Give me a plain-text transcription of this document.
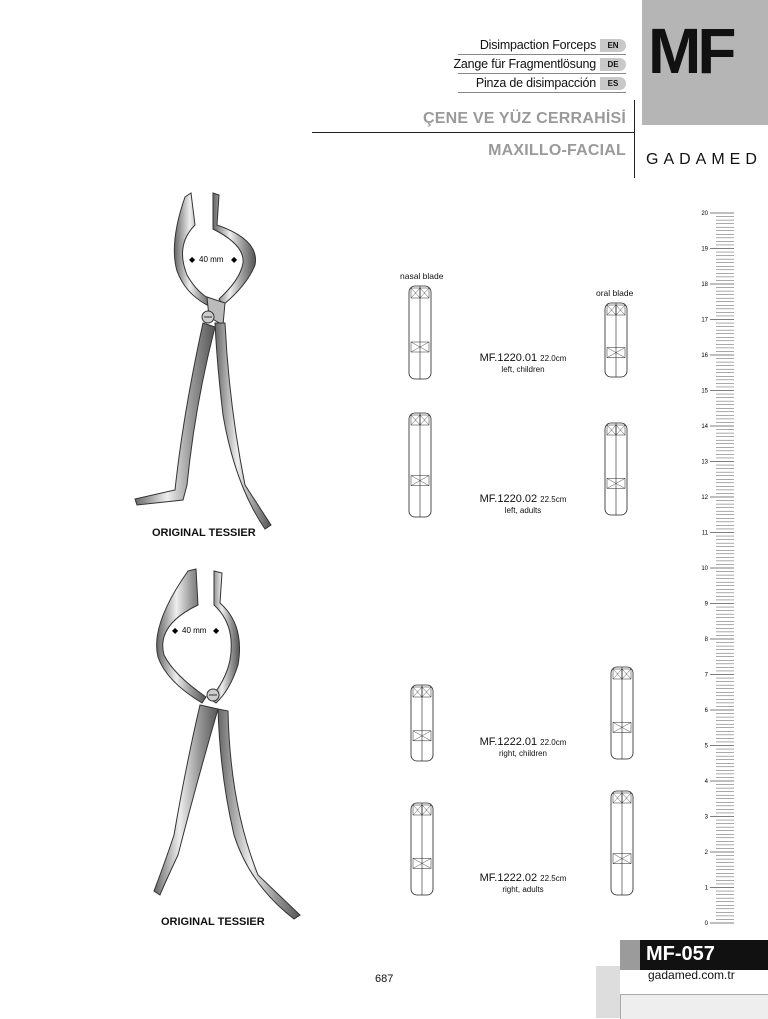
Disimpaction Forceps	EN
Zange für Fragmentlösung	DE
Pinza de disimpacción	ES MF
ÇENE VE YÜZ CERRAHİSİ
MAXILLO-FACIAL
GADAMED
40 mm
◆	◆
ORIGINAL TESSIER
40 mm
◆	◆
ORIGINAL TESSIER
nasal blade
oral blade
MF.1220.01 22.0cm
left, children
MF.1220.02 22.5cm
left, adults
MF.1222.01 22.0cm
right, children
MF.1222.02 22.5cm
right, adults
20
19
18
17
16
15
14
13
12
11
10
9
8
7
6
5
4
3
2
1
0
687
MF-057
gadamed.com.tr
